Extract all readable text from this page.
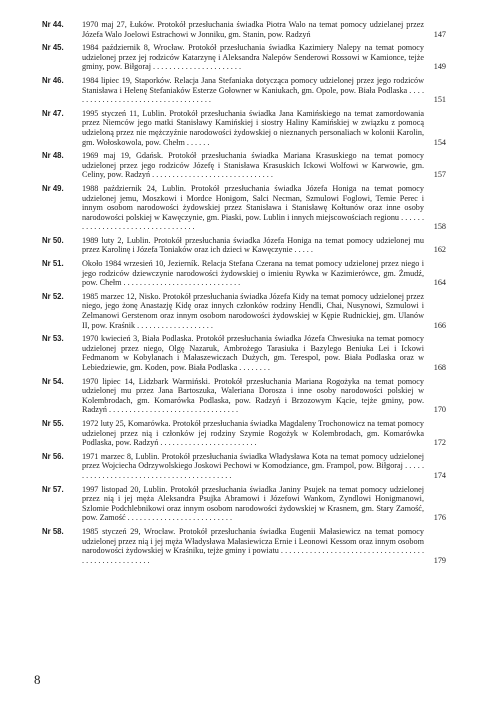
Nr 44.	1970 maj 27, Łuków. Protokół przesłuchania świadka Piotra Walo na temat pomocy udzielanej przez Józefa Walo Joelowi Estrachowi w Jonniku, gm. Stanin, pow. Radzyń	147
Nr 45.	1984 październik 8, Wrocław. Protokół przesłuchania świadka Kazimiery Nalepy na temat pomocy udzielonej przez jej rodziców Katarzynę i Aleksandra Nalepów Senderowi Rossowi w Kamionce, tejże gminy, pow. Biłgoraj . . . . . . . . . . . . . . . . . . . . . .	149
Nr 46.	1984 lipiec 19, Staporków. Relacja Jana Stefaniaka dotycząca pomocy udzielonej przez jego rodziców Stanisława i Helenę Stefaniaków Esterze Gołowner w Kaniukach, gm. Opole, pow. Biała Podlaska . . . . . . . . . . . . . . . . . . . . . . . . . . . . . . . . . . . .	151
Nr 47.	1995 styczeń 11, Lublin. Protokół przesłuchania świadka Jana Kamińskiego na temat zamordowania przez Niemców jego matki Stanisławy Kamińskiej i siostry Haliny Kamińskiej w związku z pomocą udzieloną przez nie mężczyźnie narodowości żydowskiej o nieznanych personaliach w kolonii Karolin, gm. Wołoskowola, pow. Chełm . . . . . .	154
Nr 48.	1969 maj 19, Gdańsk. Protokół przesłuchania świadka Mariana Krasuskiego na temat pomocy udzielonej przez jego rodziców Józefę i Stanisława Krasuskich Ickowi Wolfowi w Karwowie, gm. Celiny, pow. Radzyń . . . . . . . . . . . . . . . . . . . . . . . . . . . . . .	157
Nr 49.	1988 październik 24, Lublin. Protokół przesłuchania świadka Józefa Honiga na temat pomocy udzielonej jemu, Moszkowi i Mordce Honigom, Salci Necman, Szmulowi Foglowi, Temie Perec i innym osobom narodowości żydowskiej przez Stanisława i Stanisławę Kołtunów oraz inne osoby narodowości polskiej w Kawęczynie, gm. Piaski, pow. Lublin i innych miejscowościach regionu . . . . . . . . . . . . . . . . . . . . . . . . . . . . . . . . . .	158
Nr 50.	1989 luty 2, Lublin. Protokół przesłuchania świadka Józefa Honiga na temat pomocy udzielonej mu przez Karolinę i Józefa Toniaków oraz ich dzieci w Kawęczynie . . . . .	162
Nr 51.	Około 1984 wrzesień 10, Jezierník. Relacja Stefana Czerana na temat pomocy udzielonej przez niego i jego rodziców dziewczynie narodowości żydowskiej o imieniu Rywka w Kazimierówce, gm. Żmudź, pow. Chełm . . . . . . . . . . . . . . . . . . . . . . . . . . . . .	164
Nr 52.	1985 marzec 12, Nisko. Protokół przesłuchania świadka Józefa Kidy na temat pomocy udzielonej przez niego, jego żonę Anastazję Kidę oraz innych członków rodziny Hendli, Chai, Nusynowi, Szmulowi i Zelmanowi Gerstenom oraz innym osobom narodowości żydowskiej w Kępie Rudnickiej, gm. Ulanów II, pow. Kraśnik . . . . . . . . . . . . . . . . . . .	166
Nr 53.	1970 kwiecień 3, Biała Podlaska. Protokół przesłuchania świadka Józefa Chwesiuka na temat pomocy udzielonej przez niego, Olgę Nazaruk, Ambrożego Tarasiuka i Bazylego Beniuka Lei i Ickowi Fedmanom w Kobylanach i Małaszewiczach Dużych, gm. Terespol, pow. Biała Podlaska oraz w Lebiedziewie, gm. Koden, pow. Biała Podlaska . . . . . . . .	168
Nr 54.	1970 lipiec 14, Lidzbark Warmiński. Protokół przesłuchania Mariana Rogożyka na temat pomocy udzielonej mu przez Jana Bartoszuka, Waleriana Dorosza i inne osoby narodowości polskiej w Kolembrodach, gm. Komarówka Podlaska, pow. Radzyń i Brzozowym Kącie, tejże gminy, pow. Radzyń . . . . . . . . . . . . . . . . . . . . . . . . . . . . . . . .	170
Nr 55.	1972 luty 25, Komarówka. Protokół przesłuchania świadka Magdaleny Trochonowicz na temat pomocy udzielonej przez nią i członków jej rodziny Szymie Rogożyk w Kolembrodach, gm. Komarówka Podlaska, pow. Radzyń . . . . . . . . . . . . . . . . . . . . . . . .	172
Nr 56.	1971 marzec 8, Lublin. Protokół przesłuchania świadka Władysława Kota na temat pomocy udzielonej przez Wojciecha Odrzywolskiego Joskowi Pechowi w Komodziance, gm. Frampol, pow. Biłgoraj . . . . . . . . . . . . . . . . . . . . . . . . . . . . . . . . . . . . . . . . . .	174
Nr 57.	1997 listopad 20, Lublin. Protokół przesłuchania świadka Janiny Psujek na temat pomocy udzielonej przez nią i jej męża Aleksandra Psujka Abramowi i Józefowi Wankom, Zyndlowi Honigmanowi, Szlomie Podchlebnikowi oraz innym osobom narodowości żydowskiej w Krasnem, gm. Stary Zamość, pow. Zamość . . . . . . . . . . . . . . . . . . . . . . . . . .	176
Nr 58.	1985 styczeń 29, Wrocław. Protokół przesłuchania świadka Eugenii Małasiewicz na temat pomocy udzielonej przez nią i jej męża Władysława Małasiewicza Ernie i Leonowi Kessom oraz innym osobom narodowości żydowskiej w Kraśniku, tejże gminy i powiatu . . . . . . . . . . . . . . . . . . . . . . . . . . . . . . . . . . . . . . . . . . . . . . . . . . . .	179
8
